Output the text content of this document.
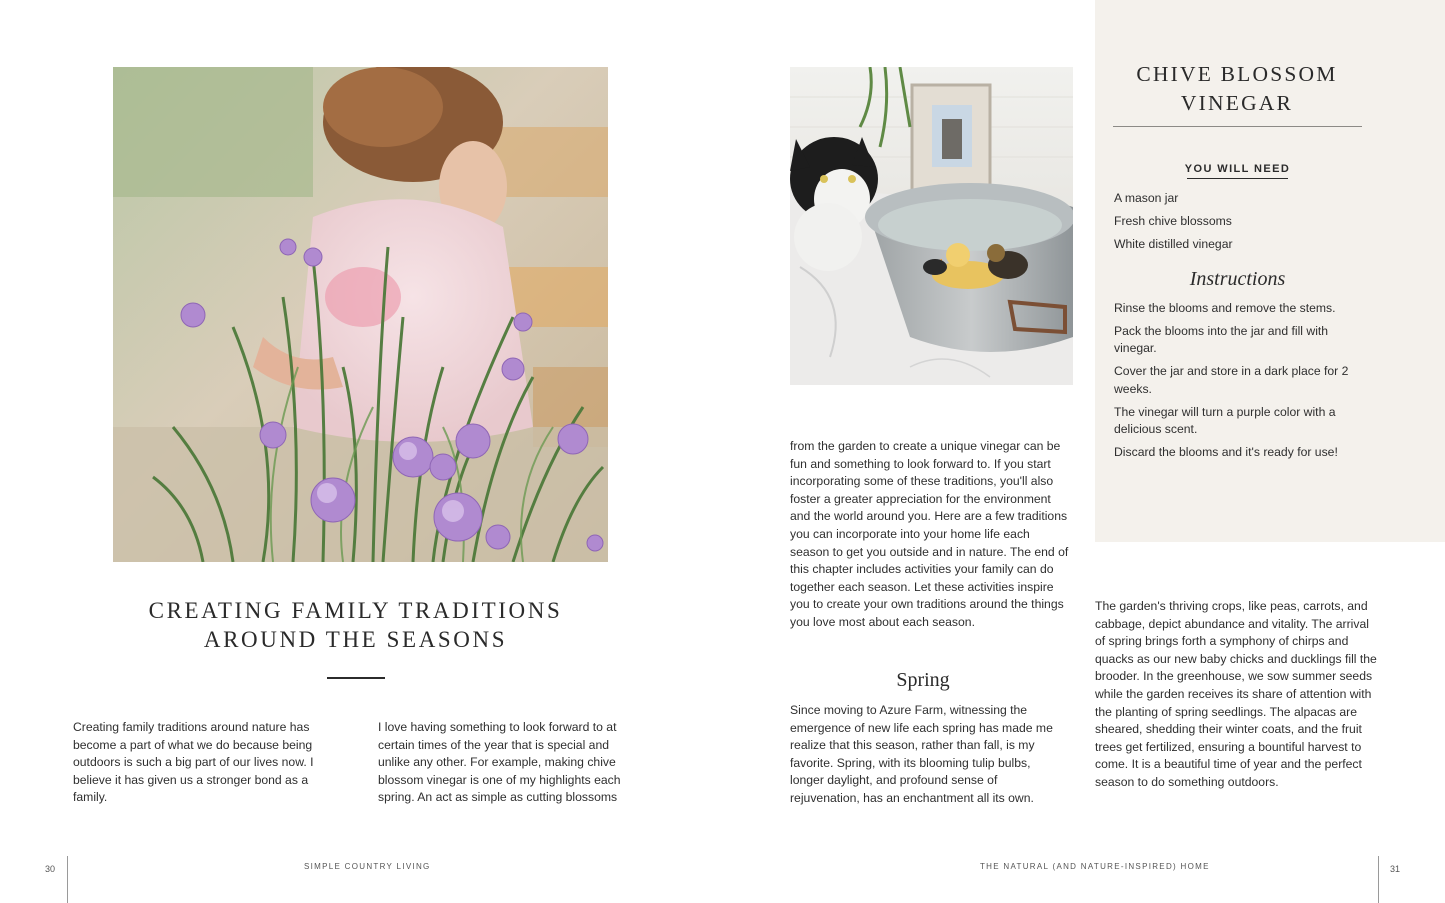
CREATING FAMILY TRADITIONS
AROUND THE SEASONS

Creating family traditions around nature has become a part of what we do because being outdoors is such a big part of our lives now. I believe it has given us a stronger bond as a family.

I love having something to look forward to at certain times of the year that is special and unlike any other. For example, making chive blossom vinegar is one of my highlights each spring. An act as simple as cutting blossoms

30	SIMPLE COUNTRY LIVING

from the garden to create a unique vinegar can be fun and something to look forward to. If you start incorporating some of these traditions, you'll also foster a greater appreciation for the environment and the world around you. Here are a few traditions you can incorporate into your home life each season to get you outside and in nature. The end of this chapter includes activities your family can do together each season. Let these activities inspire you to create your own traditions around the things you love most about each season.

Spring

Since moving to Azure Farm, witnessing the emergence of new life each spring has made me realize that this season, rather than fall, is my favorite. Spring, with its blooming tulip bulbs, longer daylight, and profound sense of rejuvenation, has an enchantment all its own.

The garden's thriving crops, like peas, carrots, and cabbage, depict abundance and vitality. The arrival of spring brings forth a symphony of chirps and quacks as our new baby chicks and ducklings fill the brooder. In the greenhouse, we sow summer seeds while the garden receives its share of attention with the planting of spring seedlings. The alpacas are sheared, shedding their winter coats, and the fruit trees get fertilized, ensuring a bountiful harvest to come. It is a beautiful time of year and the perfect season to do something outdoors.

CHIVE BLOSSOM
VINEGAR
YOU WILL NEED

A mason jar

Fresh chive blossoms

White distilled vinegar

Instructions

Rinse the blooms and remove the stems.

Pack the blooms into the jar and fill with vinegar.

Cover the jar and store in a dark place for 2 weeks.

The vinegar will turn a purple color with a delicious scent.

Discard the blooms and it's ready for use!

THE NATURAL (AND NATURE-INSPIRED) HOME	31
